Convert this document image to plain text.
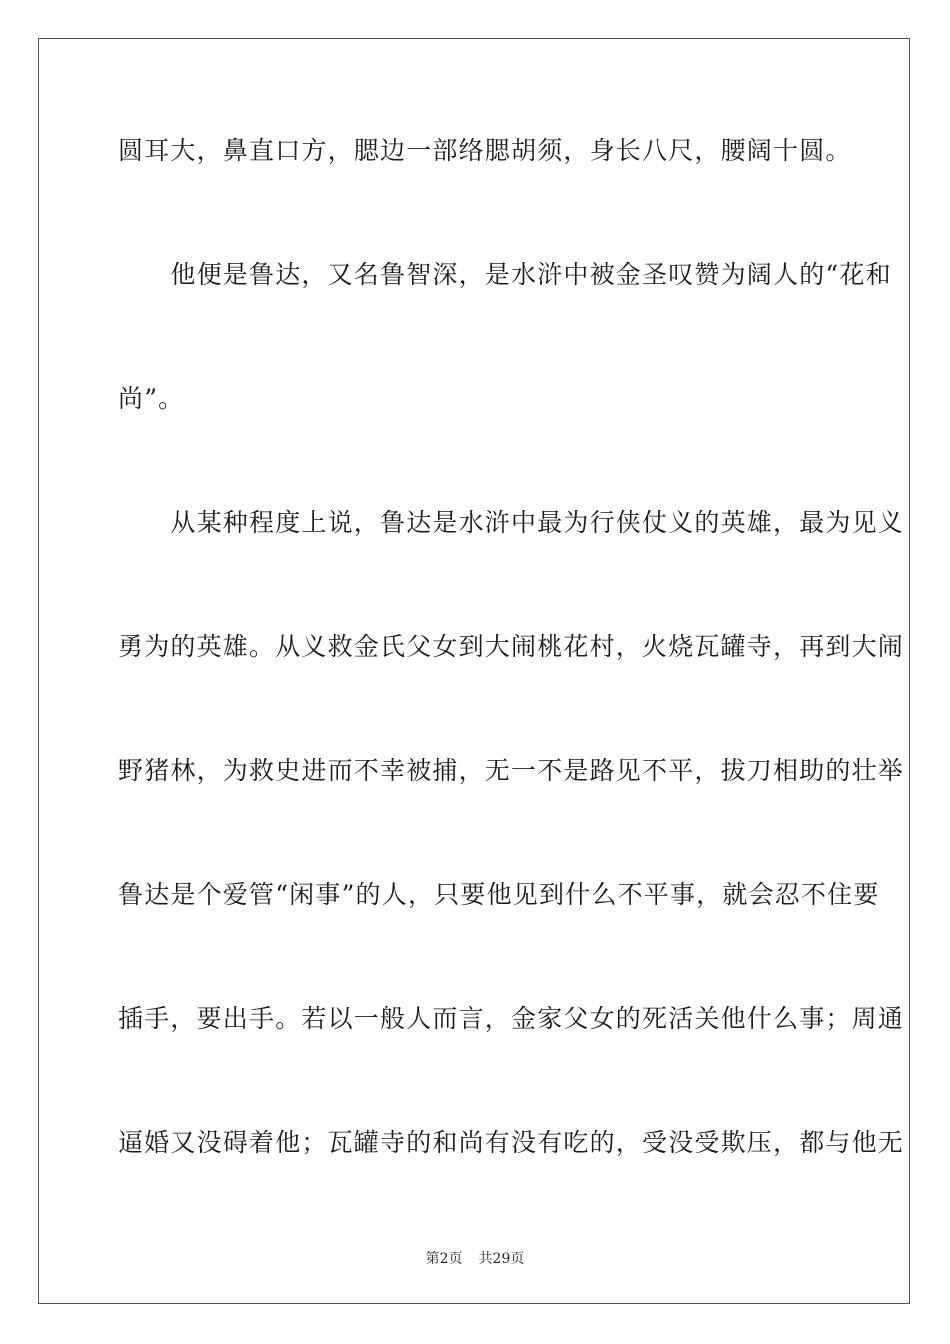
圆耳大，鼻直口方，腮边一部络腮胡须，身长八尺，腰阔十圆。
　　他便是鲁达，又名鲁智深，是水浒中被金圣叹赞为阔人的“花和
尚”。
　　从某种程度上说，鲁达是水浒中最为行侠仗义的英雄，最为见义
勇为的英雄。从义救金氏父女到大闹桃花村，火烧瓦罐寺，再到大闹
野猪林，为救史进而不幸被捕，无一不是路见不平，拔刀相助的壮举
鲁达是个爱管“闲事”的人，只要他见到什么不平事，就会忍不住要
插手，要出手。若以一般人而言，金家父女的死活关他什么事；周通
逼婚又没碍着他；瓦罐寺的和尚有没有吃的，受没受欺压，都与他无
第2页 共29页
